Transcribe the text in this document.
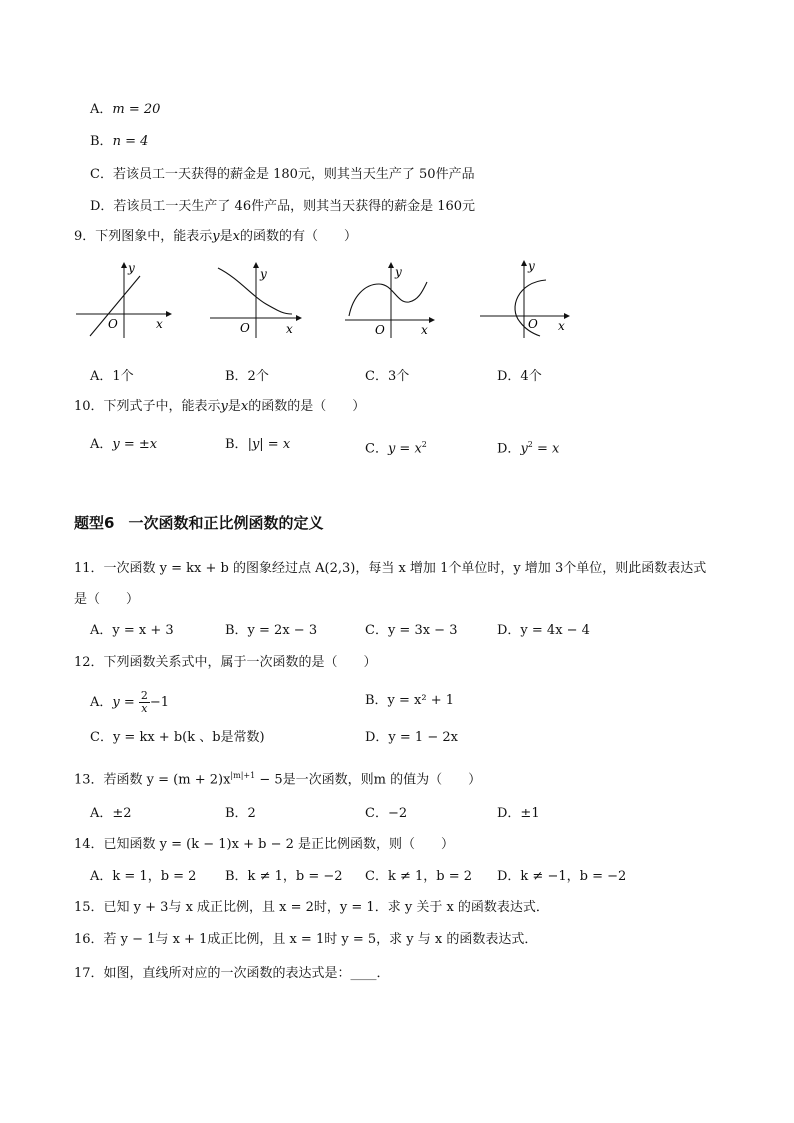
A．m = 20
B．n = 4
C．若该员工一天获得的薪金是 180元，则其当天生产了 50件产品
D．若该员工一天生产了 46件产品，则其当天获得的薪金是 160元
9．下列图象中，能表示y是x的函数的有（　　）
O	x
y
O	x
y
O	x
y
O x
y
A．1个	B．2个	C．3个	D．4个
10．下列式子中，能表示y是x的函数的是（　　）
A．y = ±x	B．|y| = x	C．$y = x^2$	D．$y^2 = x$
题型6 一次函数和正比例函数的定义
11．一次函数 y = kx + b 的图象经过点 A(2,3)，每当 x 增加 1个单位时，y 增加 3个单位，则此函数表达式
是（　　）
A．y = x + 3	B．y = 2x − 3	C．y = 3x − 3	D．y = 4x − 4
12．下列函数关系式中，属于一次函数的是（　　）
A．$y = \frac{2}{x} -1$	B．y = x² + 1
C．y = kx + b(k 、b是常数)	D．y = 1 − 2x
13．若函数 $y = (m + 2)x^{|m|+1} - 5$是一次函数，则m 的值为（　　）
A．±2	B．2	C．−2	D．±1
14．已知函数 y = (k − 1)x + b − 2 是正比例函数，则（　　）
A．k = 1，b = 2 B．k ≠ 1，b = −2 C．k ≠ 1，b = 2 D．k ≠ −1，b = −2
15．已知 y + 3与 x 成正比例，且 x = 2时，y = 1．求 y 关于 x 的函数表达式．
16．若 y − 1与 x + 1成正比例，且 x = 1时 y = 5，求 y 与 x 的函数表达式．
17．如图，直线所对应的一次函数的表达式是：____．
